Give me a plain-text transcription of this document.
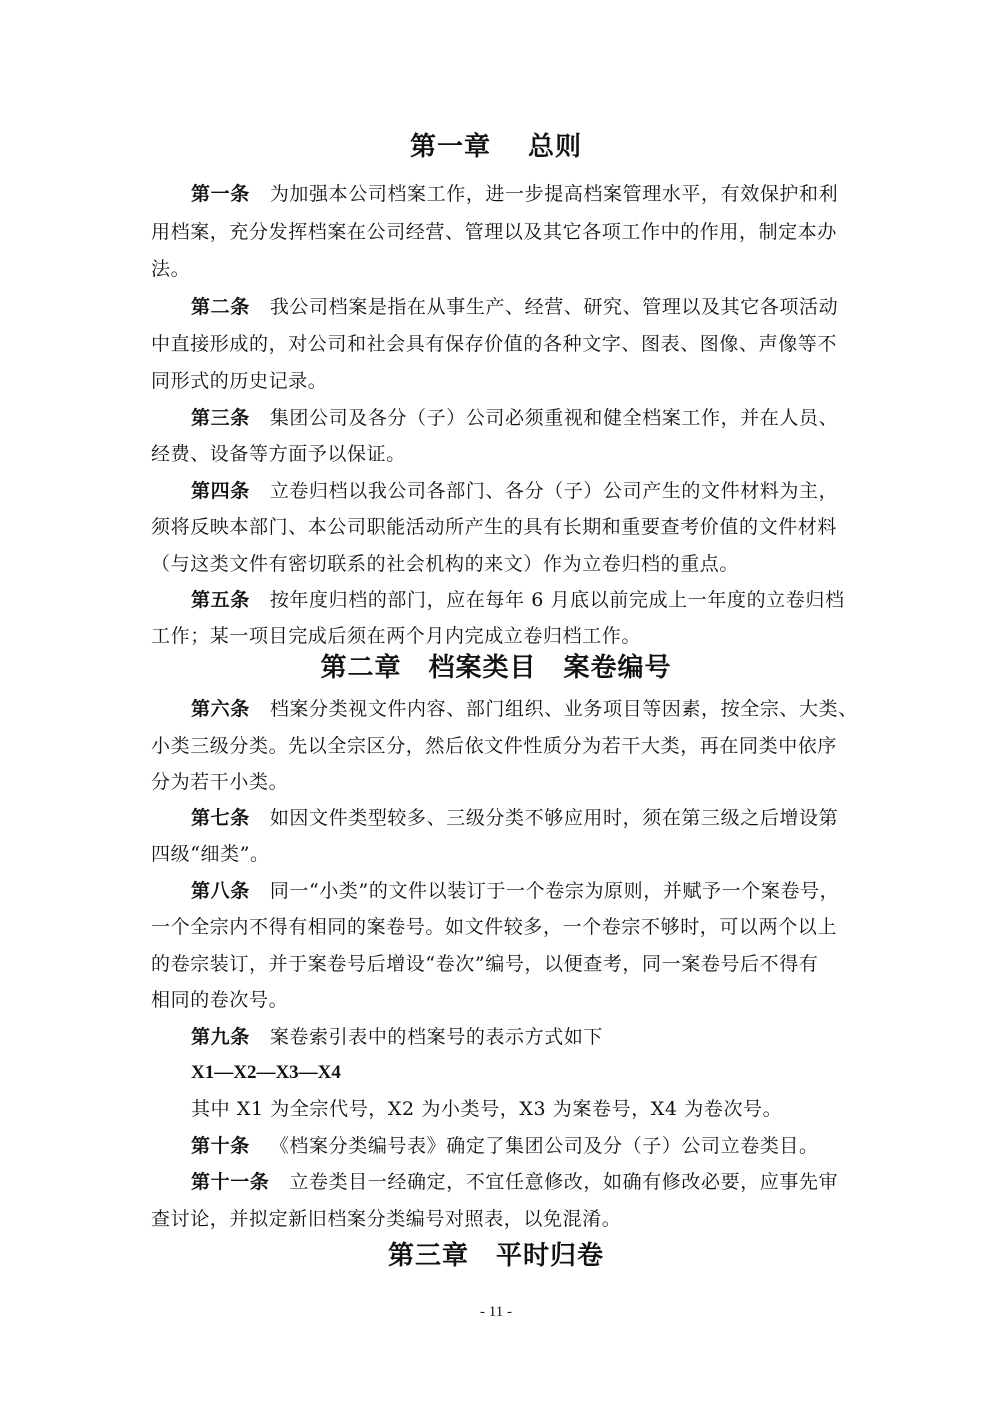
第一章　 总则
第一条 为加强本公司档案工作，进一步提高档案管理水平，有效保护和利
用档案，充分发挥档案在公司经营、管理以及其它各项工作中的作用，制定本办
法。
第二条 我公司档案是指在从事生产、经营、研究、管理以及其它各项活动
中直接形成的，对公司和社会具有保存价值的各种文字、图表、图像、声像等不
同形式的历史记录。
第三条 集团公司及各分（子）公司必须重视和健全档案工作，并在人员、
经费、设备等方面予以保证。
第四条 立卷归档以我公司各部门、各分（子）公司产生的文件材料为主，
须将反映本部门、本公司职能活动所产生的具有长期和重要查考价值的文件材料
（与这类文件有密切联系的社会机构的来文）作为立卷归档的重点。
第五条 按年度归档的部门，应在每年 6 月底以前完成上一年度的立卷归档
工作；某一项目完成后须在两个月内完成立卷归档工作。
第二章　档案类目　案卷编号
第六条 档案分类视文件内容、部门组织、业务项目等因素，按全宗、大类、
小类三级分类。先以全宗区分，然后依文件性质分为若干大类，再在同类中依序
分为若干小类。
第七条 如因文件类型较多、三级分类不够应用时，须在第三级之后增设第
四级“细类”。
第八条 同一“小类”的文件以装订于一个卷宗为原则，并赋予一个案卷号，
一个全宗内不得有相同的案卷号。如文件较多，一个卷宗不够时，可以两个以上
的卷宗装订，并于案卷号后增设“卷次”编号，以便查考，同一案卷号后不得有
相同的卷次号。
第九条 案卷索引表中的档案号的表示方式如下
X1—X2—X3—X4
其中 X1 为全宗代号，X2 为小类号，X3 为案卷号，X4 为卷次号。
第十条 《档案分类编号表》确定了集团公司及分（子）公司立卷类目。
第十一条 立卷类目一经确定，不宜任意修改，如确有修改必要，应事先审
查讨论，并拟定新旧档案分类编号对照表，以免混淆。
第三章　平时归卷
- 11 -
